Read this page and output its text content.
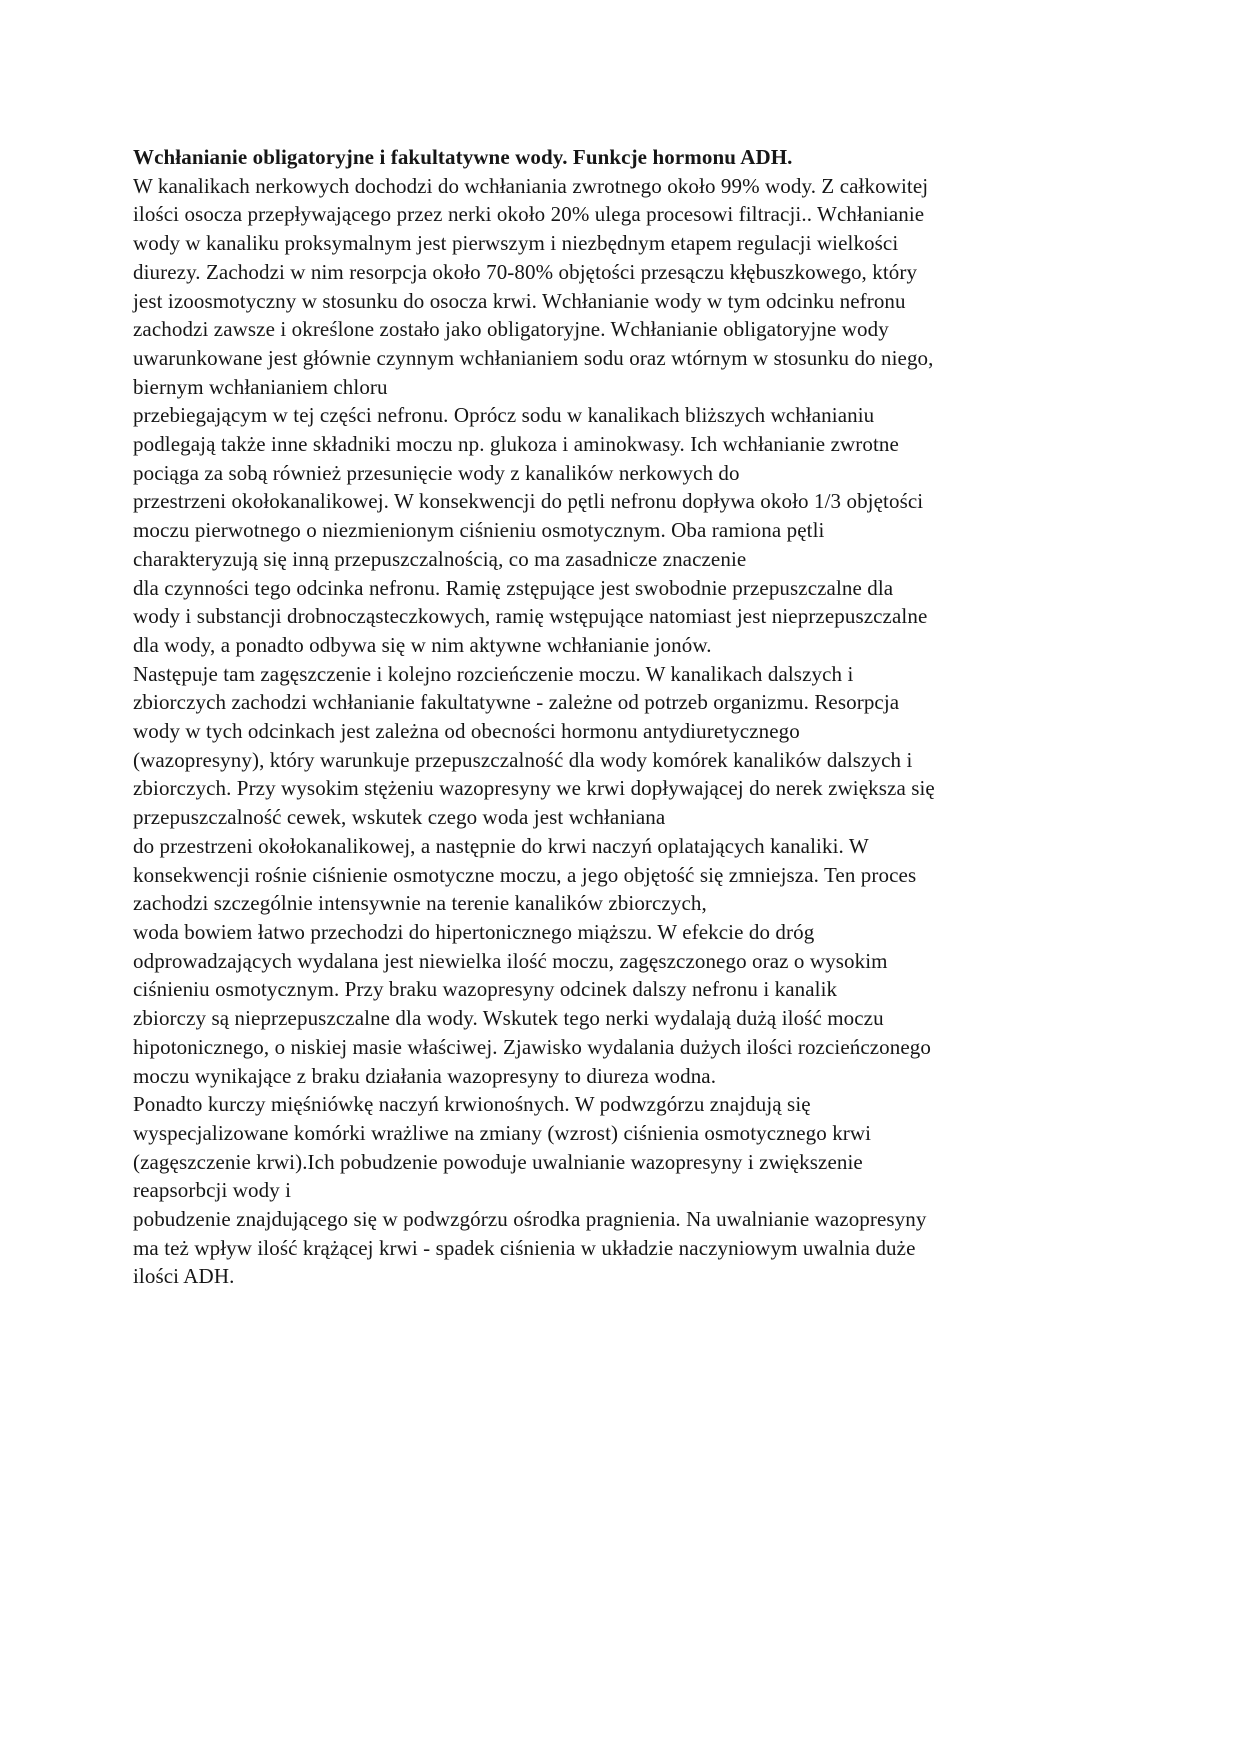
Wchłanianie obligatoryjne i fakultatywne wody. Funkcje hormonu ADH.
W kanalikach nerkowych dochodzi do wchłaniania zwrotnego około 99% wody. Z całkowitej
ilości osocza przepływającego przez nerki około 20% ulega procesowi filtracji.. Wchłanianie
wody w kanaliku proksymalnym jest pierwszym i niezbędnym etapem regulacji wielkości
diurezy. Zachodzi w nim resorpcja około 70-80% objętości przesączu kłębuszkowego, który
jest izoosmotyczny w stosunku do osocza krwi. Wchłanianie wody w tym odcinku nefronu
zachodzi zawsze i określone zostało jako obligatoryjne. Wchłanianie obligatoryjne wody
uwarunkowane jest głównie czynnym wchłanianiem sodu oraz wtórnym w stosunku do niego,
biernym wchłanianiem chloru
przebiegającym w tej części nefronu. Oprócz sodu w kanalikach bliższych wchłanianiu
podlegają także inne składniki moczu np. glukoza i aminokwasy. Ich wchłanianie zwrotne
pociąga za sobą również przesunięcie wody z kanalików nerkowych do
przestrzeni okołokanalikowej. W konsekwencji do pętli nefronu dopływa około 1/3 objętości
moczu pierwotnego o niezmienionym ciśnieniu osmotycznym. Oba ramiona pętli
charakteryzują się inną przepuszczalnością, co ma zasadnicze znaczenie
dla czynności tego odcinka nefronu. Ramię zstępujące jest swobodnie przepuszczalne dla
wody i substancji drobnocząsteczkowych, ramię wstępujące natomiast jest nieprzepuszczalne
dla wody, a ponadto odbywa się w nim aktywne wchłanianie jonów.
Następuje tam zagęszczenie i kolejno rozcieńczenie moczu. W kanalikach dalszych i
zbiorczych zachodzi wchłanianie fakultatywne - zależne od potrzeb organizmu. Resorpcja
wody w tych odcinkach jest zależna od obecności hormonu antydiuretycznego
(wazopresyny), który warunkuje przepuszczalność dla wody komórek kanalików dalszych i
zbiorczych. Przy wysokim stężeniu wazopresyny we krwi dopływającej do nerek zwiększa się
przepuszczalność cewek, wskutek czego woda jest wchłaniana
do przestrzeni okołokanalikowej, a następnie do krwi naczyń oplatających kanaliki. W
konsekwencji rośnie ciśnienie osmotyczne moczu, a jego objętość się zmniejsza. Ten proces
zachodzi szczególnie intensywnie na terenie kanalików zbiorczych,
woda bowiem łatwo przechodzi do hipertonicznego miąższu. W efekcie do dróg
odprowadzających wydalana jest niewielka ilość moczu, zagęszczonego oraz o wysokim
ciśnieniu osmotycznym. Przy braku wazopresyny odcinek dalszy nefronu i kanalik
zbiorczy są nieprzepuszczalne dla wody. Wskutek tego nerki wydalają dużą ilość moczu
hipotonicznego, o niskiej masie właściwej. Zjawisko wydalania dużych ilości rozcieńczonego
moczu wynikające z braku działania wazopresyny to diureza wodna.
Ponadto kurczy mięśniówkę naczyń krwionośnych. W podwzgórzu znajdują się
wyspecjalizowane komórki wrażliwe na zmiany (wzrost) ciśnienia osmotycznego krwi
(zagęszczenie krwi).Ich pobudzenie powoduje uwalnianie wazopresyny i zwiększenie
reapsorbcji wody i
pobudzenie znajdującego się w podwzgórzu ośrodka pragnienia. Na uwalnianie wazopresyny
ma też wpływ ilość krążącej krwi - spadek ciśnienia w układzie naczyniowym uwalnia duże
ilości ADH.
